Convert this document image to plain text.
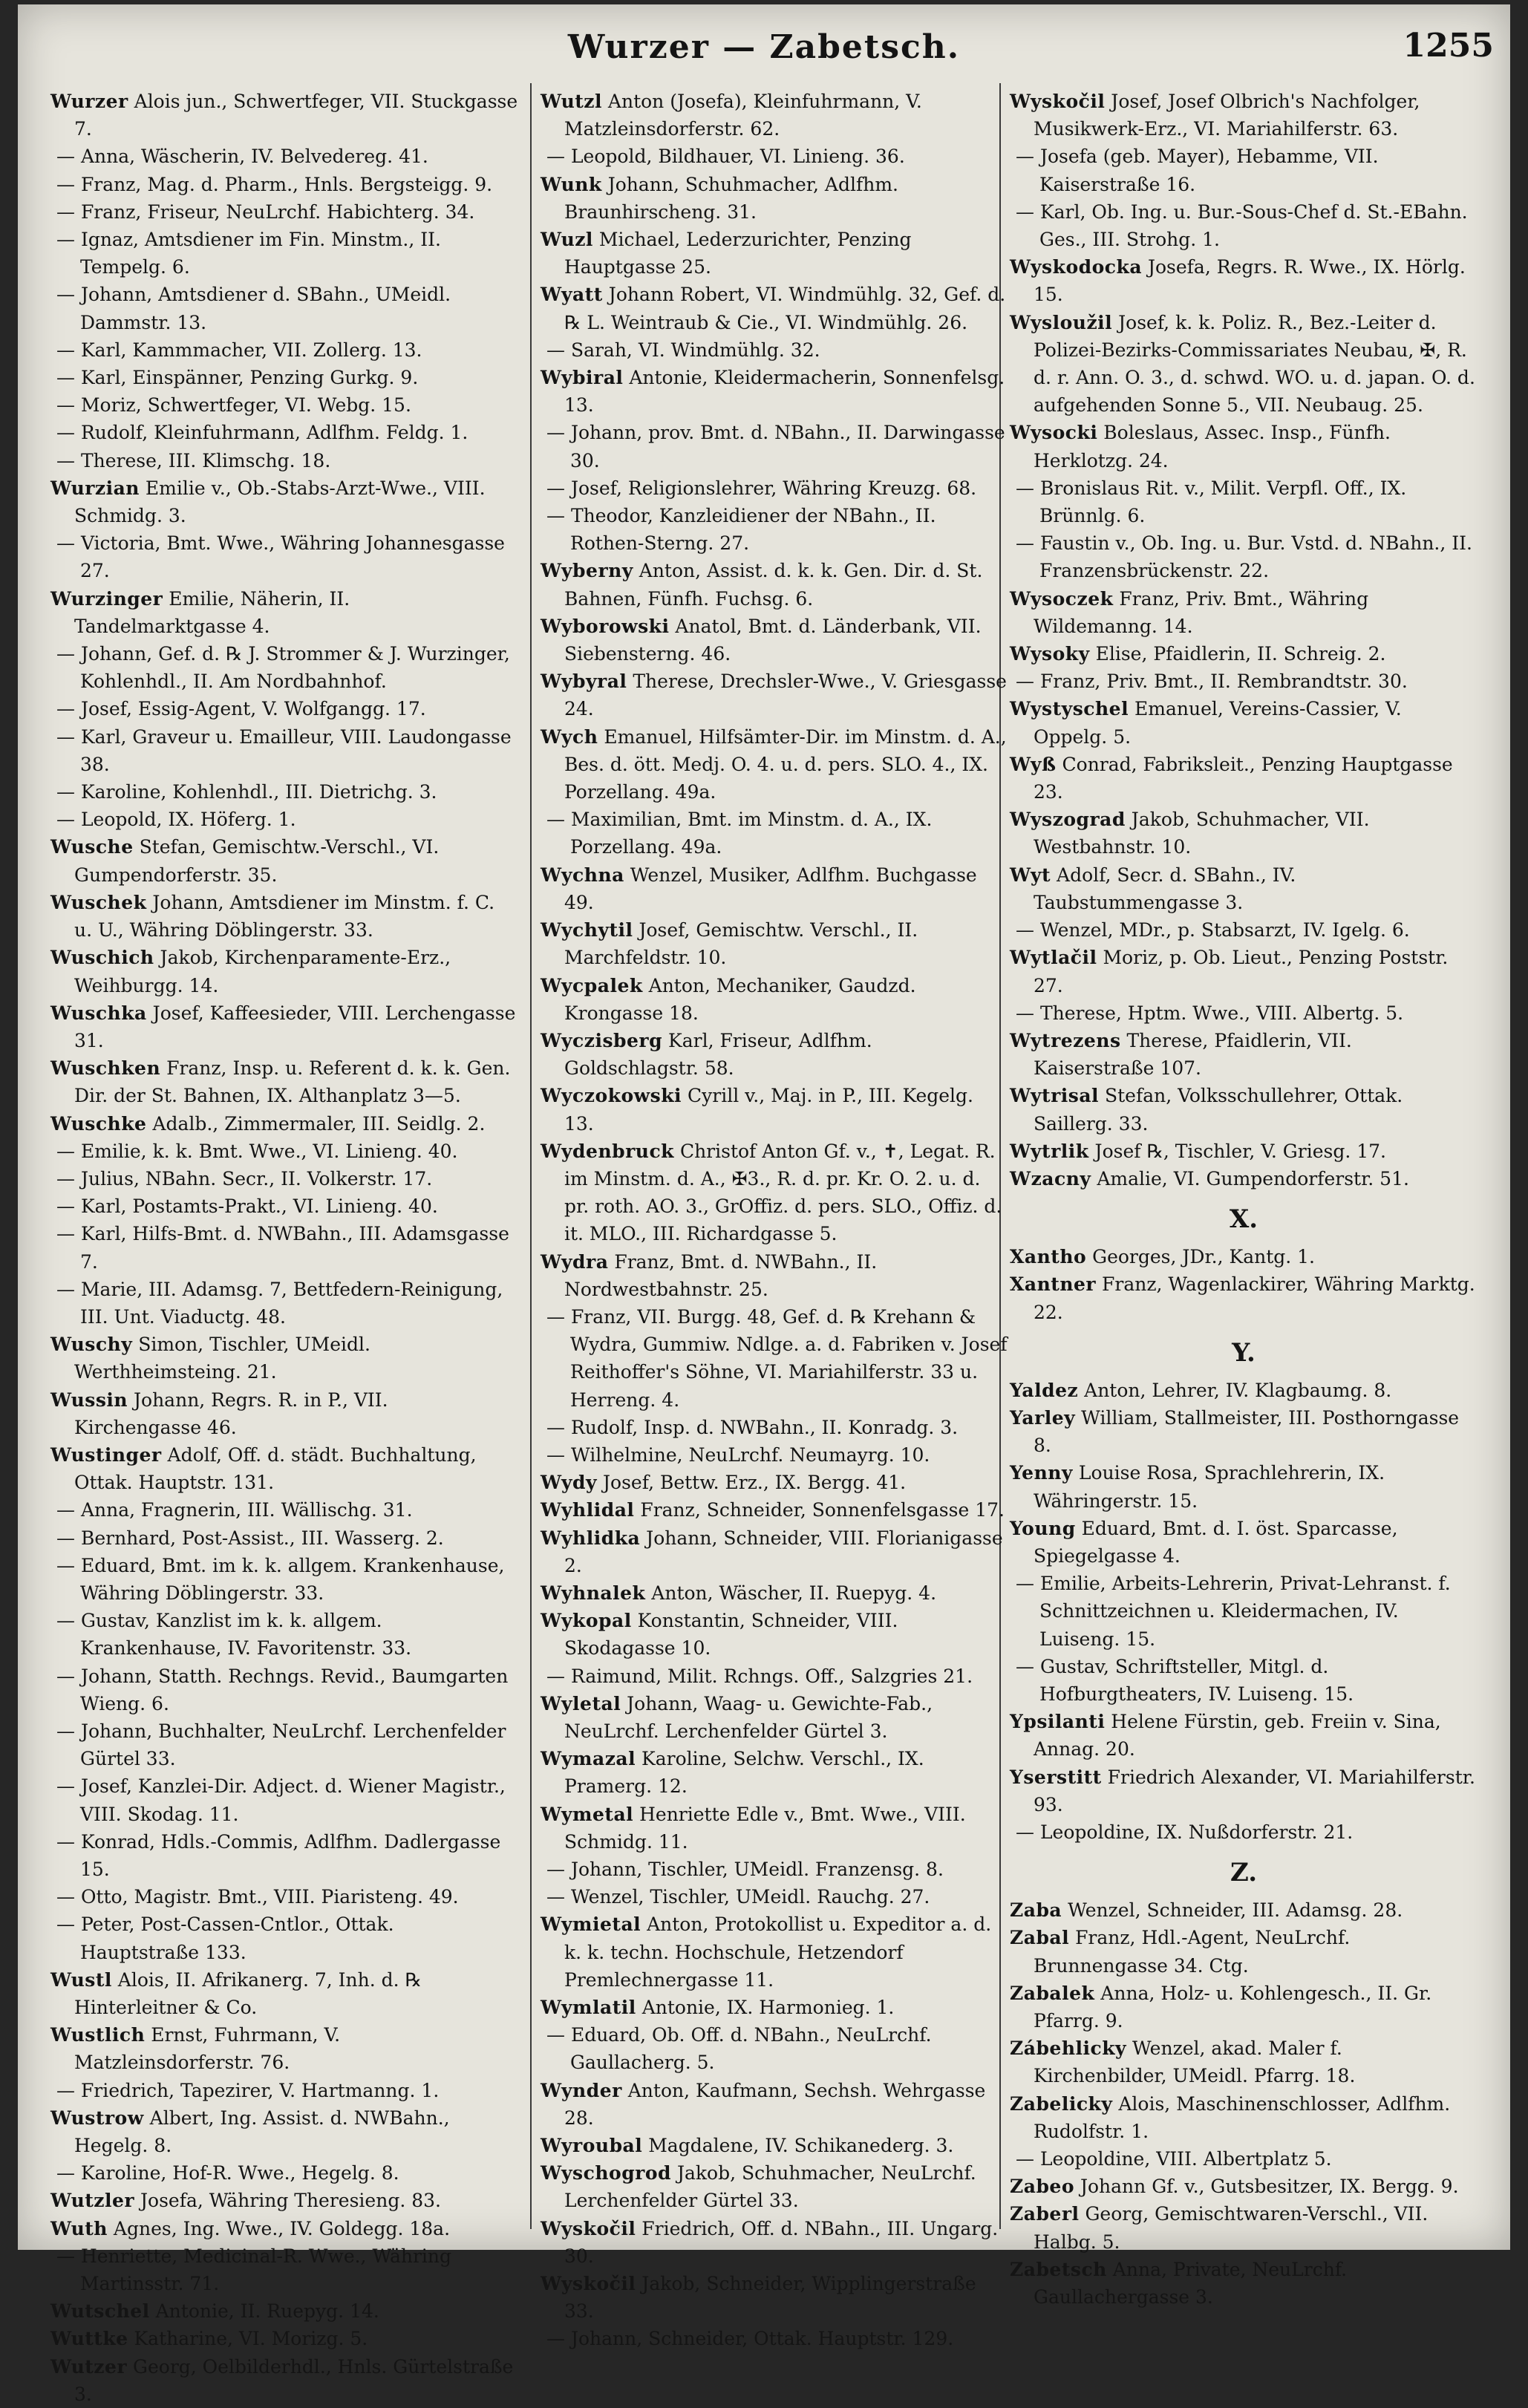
Wurzer — Zabetsch.	1255

Wurzer Alois jun., Schwertfeger, VII. Stuckgasse 7.

— Anna, Wäscherin, IV. Belvedereg. 41.

— Franz, Mag. d. Pharm., Hnls. Bergsteigg. 9.

— Franz, Friseur, NeuLrchf. Habichterg. 34.

— Ignaz, Amtsdiener im Fin. Minstm., II. Tempelg. 6.

— Johann, Amtsdiener d. SBahn., UMeidl. Dammstr. 13.

— Karl, Kammmacher, VII. Zollerg. 13.

— Karl, Einspänner, Penzing Gurkg. 9.

— Moriz, Schwertfeger, VI. Webg. 15.

— Rudolf, Kleinfuhrmann, Adlfhm. Feldg. 1.

— Therese, III. Klimschg. 18.

Wurzian Emilie v., Ob.-Stabs-Arzt-Wwe., VIII. Schmidg. 3.

— Victoria, Bmt. Wwe., Währing Johannesgasse 27.

Wurzinger Emilie, Näherin, II. Tandelmarktgasse 4.

— Johann, Gef. d. ℞ J. Strommer & J. Wurzinger, Kohlenhdl., II. Am Nordbahnhof.

— Josef, Essig-Agent, V. Wolfgangg. 17.

— Karl, Graveur u. Emailleur, VIII. Laudongasse 38.

— Karoline, Kohlenhdl., III. Dietrichg. 3.

— Leopold, IX. Höferg. 1.

Wusche Stefan, Gemischtw.-Verschl., VI. Gumpendorferstr. 35.

Wuschek Johann, Amtsdiener im Minstm. f. C. u. U., Währing Döblingerstr. 33.

Wuschich Jakob, Kirchenparamente-Erz., Weihburgg. 14.

Wuschka Josef, Kaffeesieder, VIII. Lerchengasse 31.

Wuschken Franz, Insp. u. Referent d. k. k. Gen. Dir. der St. Bahnen, IX. Althanplatz 3—5.

Wuschke Adalb., Zimmermaler, III. Seidlg. 2.

— Emilie, k. k. Bmt. Wwe., VI. Linieng. 40.

— Julius, NBahn. Secr., II. Volkerstr. 17.

— Karl, Postamts-Prakt., VI. Linieng. 40.

— Karl, Hilfs-Bmt. d. NWBahn., III. Adamsgasse 7.

— Marie, III. Adamsg. 7, Bettfedern-Reinigung, III. Unt. Viaductg. 48.

Wuschy Simon, Tischler, UMeidl. Werthheimsteing. 21.

Wussin Johann, Regrs. R. in P., VII. Kirchengasse 46.

Wustinger Adolf, Off. d. städt. Buchhaltung, Ottak. Hauptstr. 131.

— Anna, Fragnerin, III. Wällischg. 31.

— Bernhard, Post-Assist., III. Wasserg. 2.

— Eduard, Bmt. im k. k. allgem. Krankenhause, Währing Döblingerstr. 33.

— Gustav, Kanzlist im k. k. allgem. Krankenhause, IV. Favoritenstr. 33.

— Johann, Statth. Rechngs. Revid., Baumgarten Wieng. 6.

— Johann, Buchhalter, NeuLrchf. Lerchenfelder Gürtel 33.

— Josef, Kanzlei-Dir. Adject. d. Wiener Magistr., VIII. Skodag. 11.

— Konrad, Hdls.-Commis, Adlfhm. Dadlergasse 15.

— Otto, Magistr. Bmt., VIII. Piaristeng. 49.

— Peter, Post-Cassen-Cntlor., Ottak. Hauptstraße 133.

Wustl Alois, II. Afrikanerg. 7, Inh. d. ℞ Hinterleitner & Co.

Wustlich Ernst, Fuhrmann, V. Matzleinsdorferstr. 76.

— Friedrich, Tapezirer, V. Hartmanng. 1.

Wustrow Albert, Ing. Assist. d. NWBahn., Hegelg. 8.

— Karoline, Hof-R. Wwe., Hegelg. 8.

Wutzler Josefa, Währing Theresieng. 83.

Wuth Agnes, Ing. Wwe., IV. Goldegg. 18a.

— Henriette, Medicinal-R. Wwe., Währing Martinsstr. 71.

Wutschel Antonie, II. Ruepyg. 14.

Wuttke Katharine, VI. Morizg. 5.

Wutzer Georg, Oelbilderhdl., Hnls. Gürtelstraße 3.

Wutzl Anton (Josefa), Kleinfuhrmann, V. Matzleinsdorferstr. 62.

— Leopold, Bildhauer, VI. Linieng. 36.

Wunk Johann, Schuhmacher, Adlfhm. Braunhirscheng. 31.

Wuzl Michael, Lederzurichter, Penzing Hauptgasse 25.

Wyatt Johann Robert, VI. Windmühlg. 32, Gef. d. ℞ L. Weintraub & Cie., VI. Windmühlg. 26.

— Sarah, VI. Windmühlg. 32.

Wybiral Antonie, Kleidermacherin, Sonnenfelsg. 13.

— Johann, prov. Bmt. d. NBahn., II. Darwingasse 30.

— Josef, Religionslehrer, Währing Kreuzg. 68.

— Theodor, Kanzleidiener der NBahn., II. Rothen-Sterng. 27.

Wyberny Anton, Assist. d. k. k. Gen. Dir. d. St. Bahnen, Fünfh. Fuchsg. 6.

Wyborowski Anatol, Bmt. d. Länderbank, VII. Siebensterng. 46.

Wybyral Therese, Drechsler-Wwe., V. Griesgasse 24.

Wych Emanuel, Hilfsämter-Dir. im Minstm. d. A., Bes. d. ött. Medj. O. 4. u. d. pers. SLO. 4., IX. Porzellang. 49a.

— Maximilian, Bmt. im Minstm. d. A., IX. Porzellang. 49a.

Wychna Wenzel, Musiker, Adlfhm. Buchgasse 49.

Wychytil Josef, Gemischtw. Verschl., II. Marchfeldstr. 10.

Wycpalek Anton, Mechaniker, Gaudzd. Krongasse 18.

Wyczisberg Karl, Friseur, Adlfhm. Goldschlagstr. 58.

Wyczokowski Cyrill v., Maj. in P., III. Kegelg. 13.

Wydenbruck Christof Anton Gf. v., ✝, Legat. R. im Minstm. d. A., ✠3., R. d. pr. Kr. O. 2. u. d. pr. roth. AO. 3., GrOffiz. d. pers. SLO., Offiz. d. it. MLO., III. Richardgasse 5.

Wydra Franz, Bmt. d. NWBahn., II. Nordwestbahnstr. 25.

— Franz, VII. Burgg. 48, Gef. d. ℞ Krehann & Wydra, Gummiw. Ndlge. a. d. Fabriken v. Josef Reithoffer's Söhne, VI. Mariahilferstr. 33 u. Herreng. 4.

— Rudolf, Insp. d. NWBahn., II. Konradg. 3.

— Wilhelmine, NeuLrchf. Neumayrg. 10.

Wydy Josef, Bettw. Erz., IX. Bergg. 41.

Wyhlidal Franz, Schneider, Sonnenfelsgasse 17.

Wyhlidka Johann, Schneider, VIII. Florianigasse 2.

Wyhnalek Anton, Wäscher, II. Ruepyg. 4.

Wykopal Konstantin, Schneider, VIII. Skodagasse 10.

— Raimund, Milit. Rchngs. Off., Salzgries 21.

Wyletal Johann, Waag- u. Gewichte-Fab., NeuLrchf. Lerchenfelder Gürtel 3.

Wymazal Karoline, Selchw. Verschl., IX. Pramerg. 12.

Wymetal Henriette Edle v., Bmt. Wwe., VIII. Schmidg. 11.

— Johann, Tischler, UMeidl. Franzensg. 8.

— Wenzel, Tischler, UMeidl. Rauchg. 27.

Wymietal Anton, Protokollist u. Expeditor a. d. k. k. techn. Hochschule, Hetzendorf Premlechnergasse 11.

Wymlatil Antonie, IX. Harmonieg. 1.

— Eduard, Ob. Off. d. NBahn., NeuLrchf. Gaullacherg. 5.

Wynder Anton, Kaufmann, Sechsh. Wehrgasse 28.

Wyroubal Magdalene, IV. Schikanederg. 3.

Wyschogrod Jakob, Schuhmacher, NeuLrchf. Lerchenfelder Gürtel 33.

Wyskočil Friedrich, Off. d. NBahn., III. Ungarg. 30.

Wyskočil Jakob, Schneider, Wipplingerstraße 33.

— Johann, Schneider, Ottak. Hauptstr. 129.

Wyskočil Josef, Josef Olbrich's Nachfolger, Musikwerk-Erz., VI. Mariahilferstr. 63.

— Josefa (geb. Mayer), Hebamme, VII. Kaiserstraße 16.

— Karl, Ob. Ing. u. Bur.-Sous-Chef d. St.-EBahn. Ges., III. Strohg. 1.

Wyskodocka Josefa, Regrs. R. Wwe., IX. Hörlg. 15.

Wysloužil Josef, k. k. Poliz. R., Bez.-Leiter d. Polizei-Bezirks-Commissariates Neubau, ✠, R. d. r. Ann. O. 3., d. schwd. WO. u. d. japan. O. d. aufgehenden Sonne 5., VII. Neubaug. 25.

Wysocki Boleslaus, Assec. Insp., Fünfh. Herklotzg. 24.

— Bronislaus Rit. v., Milit. Verpfl. Off., IX. Brünnlg. 6.

— Faustin v., Ob. Ing. u. Bur. Vstd. d. NBahn., II. Franzensbrückenstr. 22.

Wysoczek Franz, Priv. Bmt., Währing Wildemanng. 14.

Wysoky Elise, Pfaidlerin, II. Schreig. 2.

— Franz, Priv. Bmt., II. Rembrandtstr. 30.

Wystyschel Emanuel, Vereins-Cassier, V. Oppelg. 5.

Wyß Conrad, Fabriksleit., Penzing Hauptgasse 23.

Wyszograd Jakob, Schuhmacher, VII. Westbahnstr. 10.

Wyt Adolf, Secr. d. SBahn., IV. Taubstummengasse 3.

— Wenzel, MDr., p. Stabsarzt, IV. Igelg. 6.

Wytlačil Moriz, p. Ob. Lieut., Penzing Poststr. 27.

— Therese, Hptm. Wwe., VIII. Albertg. 5.

Wytrezens Therese, Pfaidlerin, VII. Kaiserstraße 107.

Wytrisal Stefan, Volksschullehrer, Ottak. Saillerg. 33.

Wytrlik Josef ℞, Tischler, V. Griesg. 17.

Wzacny Amalie, VI. Gumpendorferstr. 51.

X.

Xantho Georges, JDr., Kantg. 1.

Xantner Franz, Wagenlackirer, Währing Marktg. 22.

Y.

Yaldez Anton, Lehrer, IV. Klagbaumg. 8.

Yarley William, Stallmeister, III. Posthorngasse 8.

Yenny Louise Rosa, Sprachlehrerin, IX. Währingerstr. 15.

Young Eduard, Bmt. d. I. öst. Sparcasse, Spiegelgasse 4.

— Emilie, Arbeits-Lehrerin, Privat-Lehranst. f. Schnittzeichnen u. Kleidermachen, IV. Luiseng. 15.

— Gustav, Schriftsteller, Mitgl. d. Hofburgtheaters, IV. Luiseng. 15.

Ypsilanti Helene Fürstin, geb. Freiin v. Sina, Annag. 20.

Yserstitt Friedrich Alexander, VI. Mariahilferstr. 93.

— Leopoldine, IX. Nußdorferstr. 21.

Z.

Zaba Wenzel, Schneider, III. Adamsg. 28.

Zabal Franz, Hdl.-Agent, NeuLrchf. Brunnengasse 34. Ctg.

Zabalek Anna, Holz- u. Kohlengesch., II. Gr. Pfarrg. 9.

Zábehlicky Wenzel, akad. Maler f. Kirchenbilder, UMeidl. Pfarrg. 18.

Zabelicky Alois, Maschinenschlosser, Adlfhm. Rudolfstr. 1.

— Leopoldine, VIII. Albertplatz 5.

Zabeo Johann Gf. v., Gutsbesitzer, IX. Bergg. 9.

Zaberl Georg, Gemischtwaren-Verschl., VII. Halbg. 5.

Zabetsch Anna, Private, NeuLrchf. Gaullachergasse 3.
